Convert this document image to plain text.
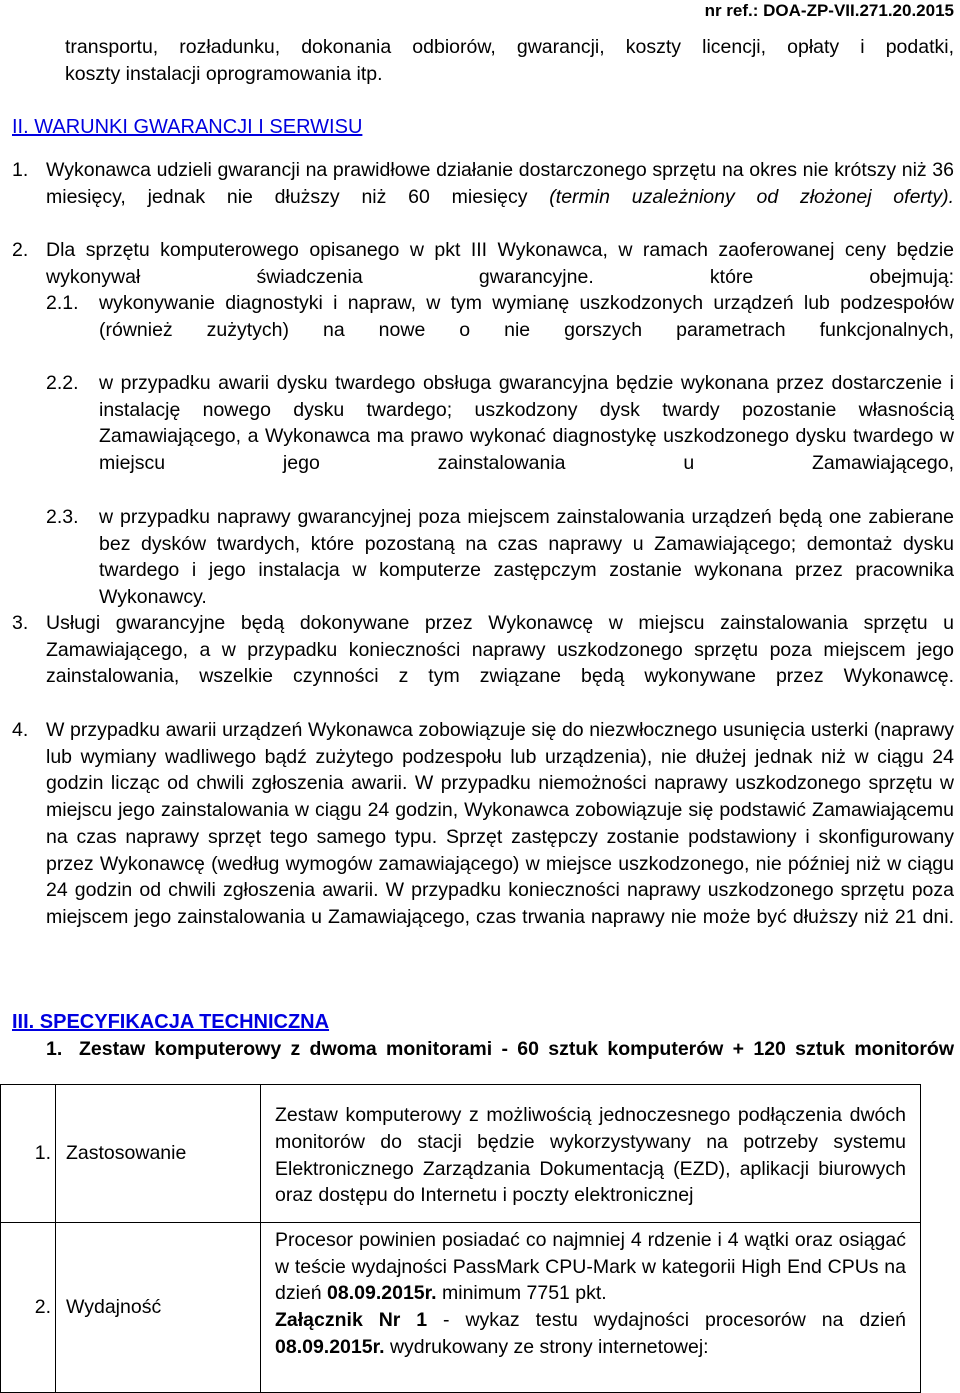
nr ref.: DOA-ZP-VII.271.20.2015
transportu, rozładunku, dokonania odbiorów, gwarancji, koszty licencji, opłaty i podatki,
koszty instalacji oprogramowania itp.
II. WARUNKI GWARANCJI I SERWISU
1. Wykonawca udzieli gwarancji na prawidłowe działanie dostarczonego sprzętu na okres nie krótszy niż 36 miesięcy, jednak nie dłuższy niż 60 miesięcy (termin uzależniony od złożonej oferty).
2. Dla sprzętu komputerowego opisanego w pkt III Wykonawca, w ramach zaoferowanej ceny będzie wykonywał świadczenia gwarancyjne. które obejmują:
2.1. wykonywanie diagnostyki i napraw, w tym wymianę uszkodzonych urządzeń lub podzespołów (również zużytych) na nowe o nie gorszych parametrach funkcjonalnych,
2.2. w przypadku awarii dysku twardego obsługa gwarancyjna będzie wykonana przez dostarczenie i instalację nowego dysku twardego; uszkodzony dysk twardy pozostanie własnością Zamawiającego, a Wykonawca ma prawo wykonać diagnostykę uszkodzonego dysku twardego w miejscu jego zainstalowania u Zamawiającego,
2.3. w przypadku naprawy gwarancyjnej poza miejscem zainstalowania urządzeń będą one zabierane bez dysków twardych, które pozostaną na czas naprawy u Zamawiającego; demontaż dysku twardego i jego instalacja w komputerze zastępczym zostanie wykonana przez pracownika Wykonawcy.
3. Usługi gwarancyjne będą dokonywane przez Wykonawcę w miejscu zainstalowania sprzętu u Zamawiającego, a w przypadku konieczności naprawy uszkodzonego sprzętu poza miejscem jego zainstalowania, wszelkie czynności z tym związane będą wykonywane przez Wykonawcę.
4. W przypadku awarii urządzeń Wykonawca zobowiązuje się do niezwłocznego usunięcia usterki (naprawy lub wymiany wadliwego bądź zużytego podzespołu lub urządzenia), nie dłużej jednak niż w ciągu 24 godzin licząc od chwili zgłoszenia awarii. W przypadku niemożności naprawy uszkodzonego sprzętu w miejscu jego zainstalowania w ciągu 24 godzin, Wykonawca zobowiązuje się podstawić Zamawiającemu na czas naprawy sprzęt tego samego typu. Sprzęt zastępczy zostanie podstawiony i skonfigurowany przez Wykonawcę (według wymogów zamawiającego) w miejsce uszkodzonego, nie później niż w ciągu 24 godzin od chwili zgłoszenia awarii. W przypadku konieczności naprawy uszkodzonego sprzętu poza miejscem jego zainstalowania u Zamawiającego, czas trwania naprawy nie może być dłuższy niż 21 dni.
III. SPECYFIKACJA TECHNICZNA
1. Zestaw komputerowy z dwoma monitorami - 60 sztuk komputerów + 120 sztuk monitorów
1.	Zastosowanie	Zestaw komputerowy z możliwością jednoczesnego podłączenia dwóch monitorów do stacji będzie wykorzystywany na potrzeby systemu Elektronicznego Zarządzania Dokumentacją (EZD), aplikacji biurowych oraz dostępu do Internetu i poczty elektronicznej
2.	Wydajność	Procesor powinien posiadać co najmniej 4 rdzenie i 4 wątki oraz osiągać w teście wydajności PassMark CPU-Mark w kategorii High End CPUs na dzień 08.09.2015r. minimum 7751 pkt.
Załącznik Nr 1 - wykaz testu wydajności procesorów na dzień 08.09.2015r. wydrukowany ze strony internetowej:
